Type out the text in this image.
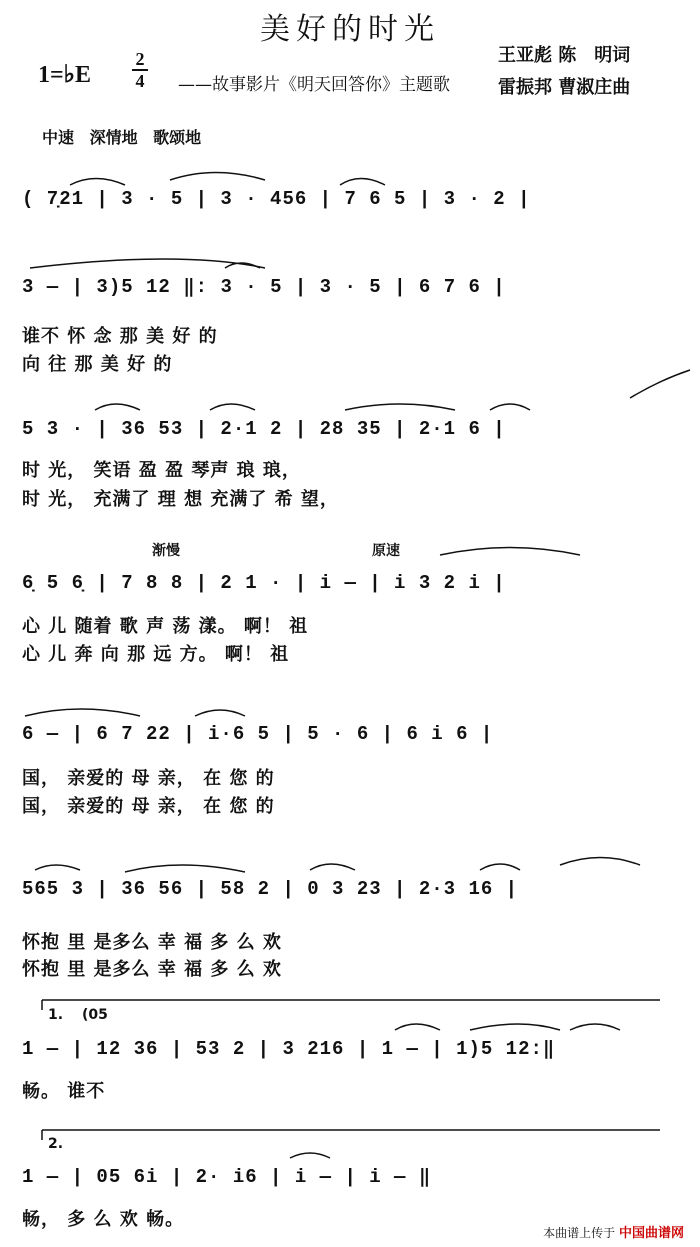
美好的时光
1=♭E
2
4 ——故事影片《明天回答你》主题歌
王亚彪 陈　明词
雷振邦 曹淑庄曲
中速 深情地 歌颂地
( 7̣21 | 3 · 5 | 3 · 456 | 7 6 5 | 3 · 2 |
3 — | 3)5 12 ‖: 3 · 5 | 3 · 5 | 6 7 6 |
谁不 怀 念 那 美 好 的
向 往 那 美 好 的
5 3 · | 36 53 | 2·1 2 | 28 35 | 2·1 6 |
时 光， 笑语 盈 盈 琴声 琅 琅，
时 光， 充满了 理 想 充满了 希 望，
渐慢	原速
6̣ 5 6̣ | 7 8 8 | 2 1 · | i — | i 3 2 i |
心 儿 随着 歌 声 荡 漾。 啊！ 祖
心 儿 奔 向 那 远 方。 啊！ 祖
6 — | 6 7 22 | i·6 5 | 5 · 6 | 6 i 6 |
国， 亲爱的 母 亲， 在 您 的
国， 亲爱的 母 亲， 在 您 的
565 3 | 36 56 | 58 2 | 0 3 23 | 2·3 16 |
怀抱 里 是多么 幸 福 多 么 欢
怀抱 里 是多么 幸 福 多 么 欢
1. (05
1 — | 12 36 | 53 2 | 3 216 | 1 — | 1)5 12:‖
畅。 谁不
2.
1 — | 05 6i | 2· i6 | i — | i — ‖
畅， 多 么 欢 畅。
本曲谱上传于 中国曲谱网
